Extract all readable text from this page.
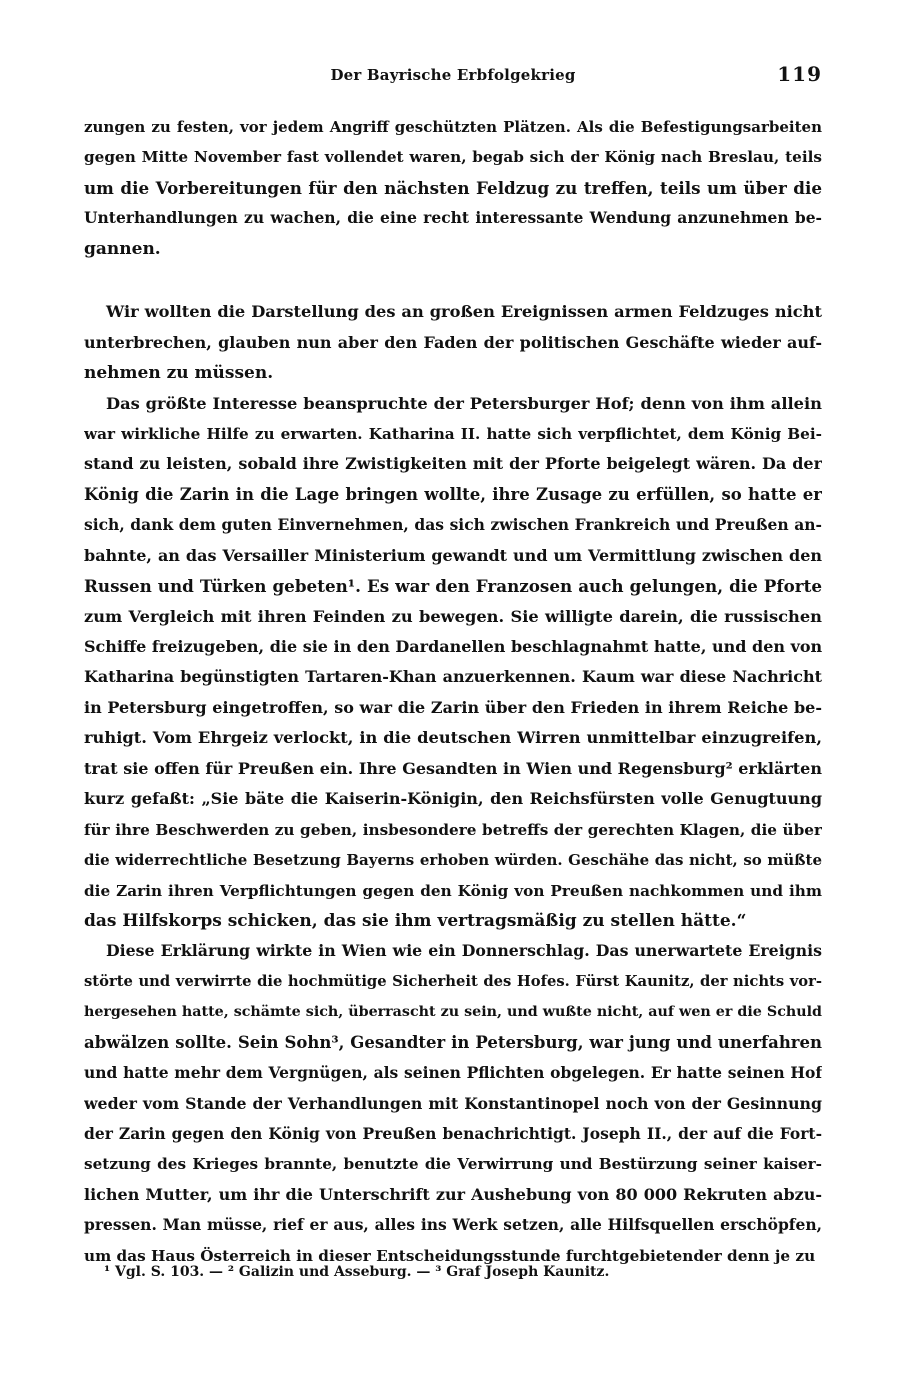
Der Bayrische Erbfolgekrieg	119
zungen zu festen, vor jedem Angriff geschützten Plätzen. Als die Befestigungsarbeiten
gegen Mitte November fast vollendet waren, begab sich der König nach Breslau, teils
um die Vorbereitungen für den nächsten Feldzug zu treffen, teils um über die
Unterhandlungen zu wachen, die eine recht interessante Wendung anzunehmen be-
gannen.
Wir wollten die Darstellung des an großen Ereignissen armen Feldzuges nicht
unterbrechen, glauben nun aber den Faden der politischen Geschäfte wieder auf-
nehmen zu müssen.
Das größte Interesse beanspruchte der Petersburger Hof; denn von ihm allein
war wirkliche Hilfe zu erwarten. Katharina II. hatte sich verpflichtet, dem König Bei-
stand zu leisten, sobald ihre Zwistigkeiten mit der Pforte beigelegt wären. Da der
König die Zarin in die Lage bringen wollte, ihre Zusage zu erfüllen, so hatte er
sich, dank dem guten Einvernehmen, das sich zwischen Frankreich und Preußen an-
bahnte, an das Versailler Ministerium gewandt und um Vermittlung zwischen den
Russen und Türken gebeten¹. Es war den Franzosen auch gelungen, die Pforte
zum Vergleich mit ihren Feinden zu bewegen. Sie willigte darein, die russischen
Schiffe freizugeben, die sie in den Dardanellen beschlagnahmt hatte, und den von
Katharina begünstigten Tartaren-Khan anzuerkennen. Kaum war diese Nachricht
in Petersburg eingetroffen, so war die Zarin über den Frieden in ihrem Reiche be-
ruhigt. Vom Ehrgeiz verlockt, in die deutschen Wirren unmittelbar einzugreifen,
trat sie offen für Preußen ein. Ihre Gesandten in Wien und Regensburg² erklärten
kurz gefaßt: „Sie bäte die Kaiserin-Königin, den Reichsfürsten volle Genugtuung
für ihre Beschwerden zu geben, insbesondere betreffs der gerechten Klagen, die über
die widerrechtliche Besetzung Bayerns erhoben würden. Geschähe das nicht, so müßte
die Zarin ihren Verpflichtungen gegen den König von Preußen nachkommen und ihm
das Hilfskorps schicken, das sie ihm vertragsmäßig zu stellen hätte.“
Diese Erklärung wirkte in Wien wie ein Donnerschlag. Das unerwartete Ereignis
störte und verwirrte die hochmütige Sicherheit des Hofes. Fürst Kaunitz, der nichts vor-
hergesehen hatte, schämte sich, überrascht zu sein, und wußte nicht, auf wen er die Schuld
abwälzen sollte. Sein Sohn³, Gesandter in Petersburg, war jung und unerfahren
und hatte mehr dem Vergnügen, als seinen Pflichten obgelegen. Er hatte seinen Hof
weder vom Stande der Verhandlungen mit Konstantinopel noch von der Gesinnung
der Zarin gegen den König von Preußen benachrichtigt. Joseph II., der auf die Fort-
setzung des Krieges brannte, benutzte die Verwirrung und Bestürzung seiner kaiser-
lichen Mutter, um ihr die Unterschrift zur Aushebung von 80 000 Rekruten abzu-
pressen. Man müsse, rief er aus, alles ins Werk setzen, alle Hilfsquellen erschöpfen,
um das Haus Österreich in dieser Entscheidungsstunde furchtgebietender denn je zu
¹ Vgl. S. 103. — ² Galizin und Asseburg. — ³ Graf Joseph Kaunitz.
